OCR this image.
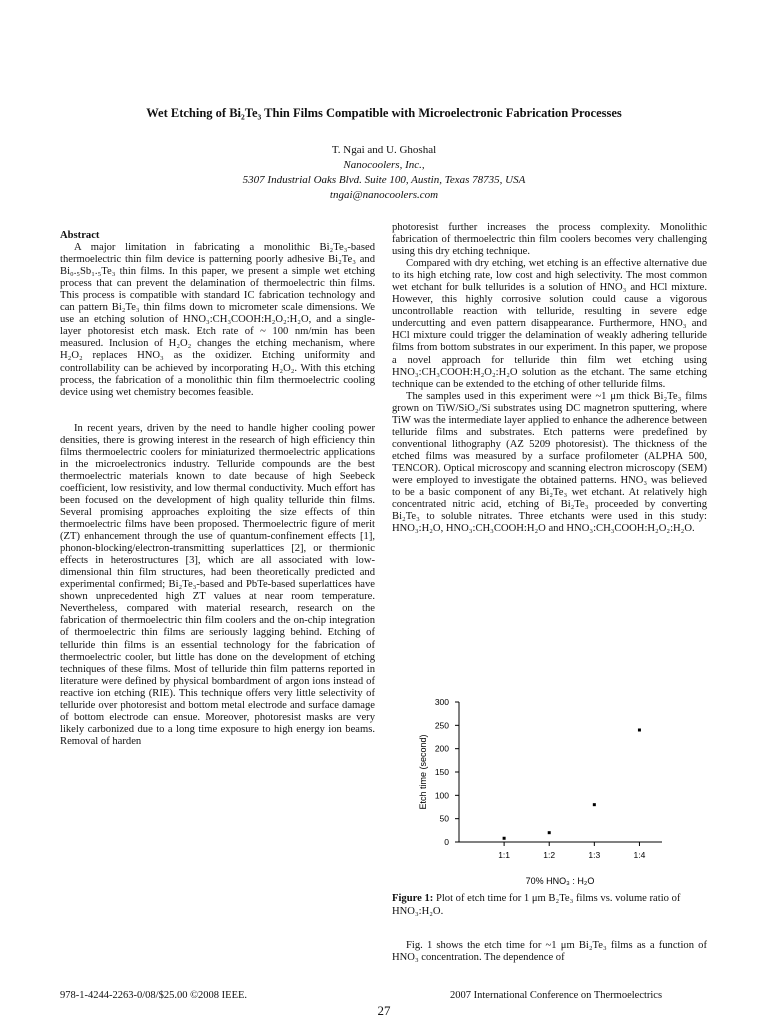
Wet Etching of Bi₂Te₃ Thin Films Compatible with Microelectronic Fabrication Processes
T. Ngai and U. Ghoshal
Nanocoolers, Inc.,
5307 Industrial Oaks Blvd. Suite 100, Austin, Texas 78735, USA
tngai@nanocoolers.com
Abstract

A major limitation in fabricating a monolithic Bi₂Te₃-based thermoelectric thin film device is patterning poorly adhesive Bi₂Te₃ and Bi₀.₅Sb₁.₅Te₃ thin films. In this paper, we present a simple wet etching process that can prevent the delamination of thermoelectric thin films. This process is compatible with standard IC fabrication technology and can pattern Bi₂Te₃ thin films down to micrometer scale dimensions. We use an etching solution of HNO₃:CH₃COOH:H₂O₂:H₂O, and a single-layer photoresist etch mask. Etch rate of ~ 100 nm/min has been measured. Inclusion of H₂O₂ changes the etching mechanism, where H₂O₂ replaces HNO₃ as the oxidizer. Etching uniformity and controllability can be achieved by incorporating H₂O₂. With this etching process, the fabrication of a monolithic thin film thermoelectric cooling device using wet chemistry becomes feasible.

In recent years, driven by the need to handle higher cooling power densities, there is growing interest in the research of high efficiency thin films thermoelectric coolers for miniaturized thermoelectric applications in the microelectronics industry. Telluride compounds are the best thermoelectric materials known to date because of high Seebeck coefficient, low resistivity, and low thermal conductivity. Much effort has been focused on the development of high quality telluride thin films. Several promising approaches exploiting the size effects of thin thermoelectric films have been proposed. Thermoelectric figure of merit (ZT) enhancement through the use of quantum-confinement effects [1], phonon-blocking/electron-transmitting superlattices [2], or thermionic effects in heterostructures [3], which are all associated with low-dimensional thin film structures, had been theoretically predicted and experimental confirmed; Bi₂Te₃-based and PbTe-based superlattices have shown unprecedented high ZT values at near room temperature. Nevertheless, compared with material research, research on the fabrication of thermoelectric thin film coolers and the on-chip integration of thermoelectric thin films are seriously lagging behind. Etching of telluride thin films is an essential technology for the fabrication of thermoelectric cooler, but little has done on the development of etching techniques of these films. Most of telluride thin film patterns reported in literature were defined by physical bombardment of argon ions instead of reactive ion etching (RIE). This technique offers very little selectivity of telluride over photoresist and bottom metal electrode and surface damage of bottom electrode can ensue. Moreover, photoresist masks are very likely carbonized due to a long time exposure to high energy ion beams. Removal of harden

photoresist further increases the process complexity. Monolithic fabrication of thermoelectric thin film coolers becomes very challenging using this dry etching technique.

Compared with dry etching, wet etching is an effective alternative due to its high etching rate, low cost and high selectivity. The most common wet etchant for bulk tellurides is a solution of HNO₃ and HCl mixture. However, this highly corrosive solution could cause a vigorous uncontrollable reaction with telluride, resulting in severe edge undercutting and even pattern disappearance. Furthermore, HNO₃ and HCl mixture could trigger the delamination of weakly adhering telluride films from bottom substrates in our experiment. In this paper, we propose a novel approach for telluride thin film wet etching using HNO₃:CH₃COOH:H₂O₂:H₂O solution as the etchant. The same etching technique can be extended to the etching of other telluride films.

The samples used in this experiment were ~1 μm thick Bi₂Te₃ films grown on TiW/SiO₂/Si substrates using DC magnetron sputtering, where TiW was the intermediate layer applied to enhance the adherence between telluride films and substrates. Etch patterns were predefined by conventional lithography (AZ 5209 photoresist). The thickness of the etched films was measured by a surface profilometer (ALPHA 500, TENCOR). Optical microscopy and scanning electron microscopy (SEM) were employed to investigate the obtained patterns. HNO₃ was believed to be a basic component of any Bi₂Te₃ wet etchant. At relatively high concentrated nitric acid, etching of Bi₂Te₃ proceeded by converting Bi₂Te₃ to soluble nitrates. Three etchants were used in this study: HNO₃:H₂O, HNO₃:CH₃COOH:H₂O and HNO₃:CH₃COOH:H₂O₂:H₂O.

0
50
100
150
200
250
300
1:1	1:2	1:3	1:4
Etch time (second)
70% HNO₃ : H₂O
Figure 1: Plot of etch time for 1 μm B₂Te₃ films vs. volume ratio of HNO₃:H₂O.

Fig. 1 shows the etch time for ~1 μm Bi₂Te₃ films as a function of HNO₃ concentration. The dependence of

978-1-4244-2263-0/08/$25.00 ©2008 IEEE.	2007 International Conference on Thermoelectrics
27
